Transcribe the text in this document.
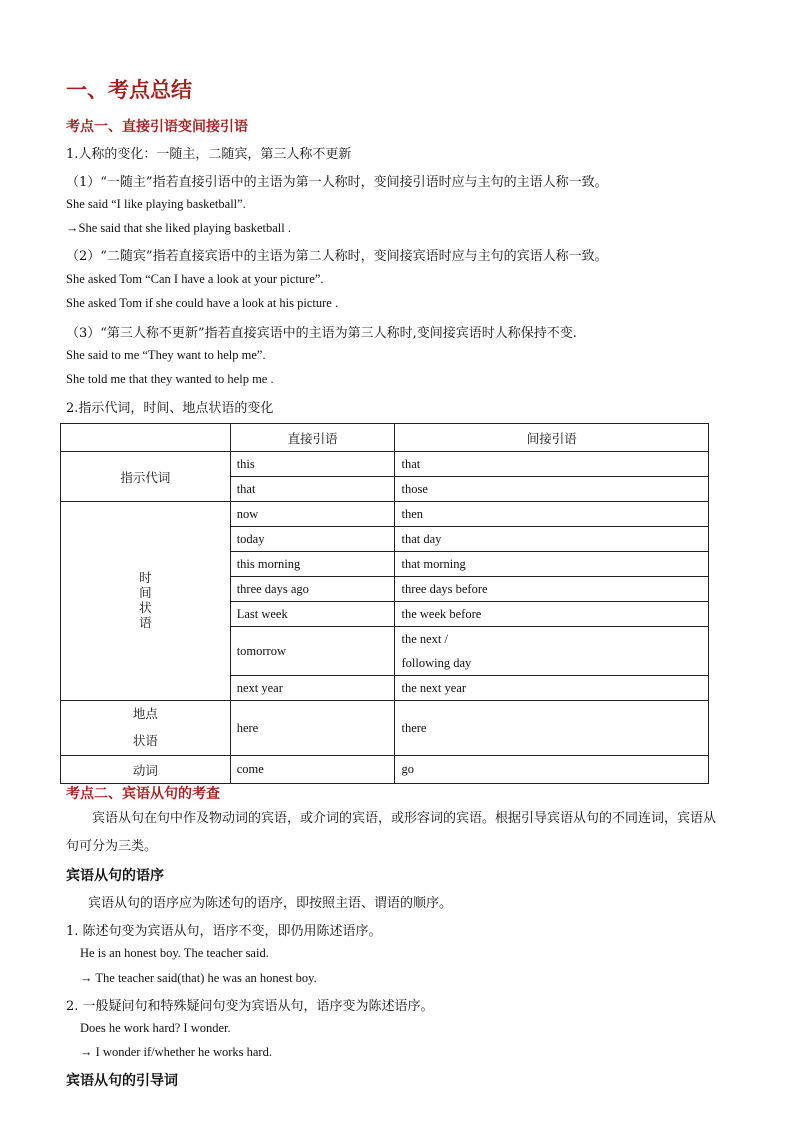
一、考点总结
考点一、直接引语变间接引语
1.人称的变化：一随主，二随宾，第三人称不更新
（1）“一随主”指若直接引语中的主语为第一人称时，变间接引语时应与主句的主语人称一致。
She said “I like playing basketball”.
→She said that she liked playing basketball .
（2）“二随宾”指若直接宾语中的主语为第二人称时，变间接宾语时应与主句的宾语人称一致。
She asked Tom “Can I have a look at your picture”.
She asked Tom if she could have a look at his picture .
（3）“第三人称不更新”指若直接宾语中的主语为第三人称时,变间接宾语时人称保持不变.
She said to me “They want to help me”.
She told me that they wanted to help me .
2.指示代词，时间、地点状语的变化
	直接引语	间接引语
指示代词	this	that
	that	those
时间状语	now	then
	today	that day
	this morning	that morning
	three days ago	three days before
	Last week	the week before
	tomorrow	the next /
following day

	next year	the next year

地点
状语	here	there
动词	come	go
考点二、宾语从句的考查
宾语从句在句中作及物动词的宾语，或介词的宾语，或形容词的宾语。根据引导宾语从句的不同连词，宾语从句可分为三类。
宾语从句的语序
宾语从句的语序应为陈述句的语序，即按照主语、谓语的顺序。
1. 陈述句变为宾语从句，语序不变，即仍用陈述语序。
He is an honest boy. The teacher said.
→ The teacher said(that) he was an honest boy.
2. 一般疑问句和特殊疑问句变为宾语从句，语序变为陈述语序。
Does he work hard? I wonder.
→ I wonder if/whether he works hard.
宾语从句的引导词
